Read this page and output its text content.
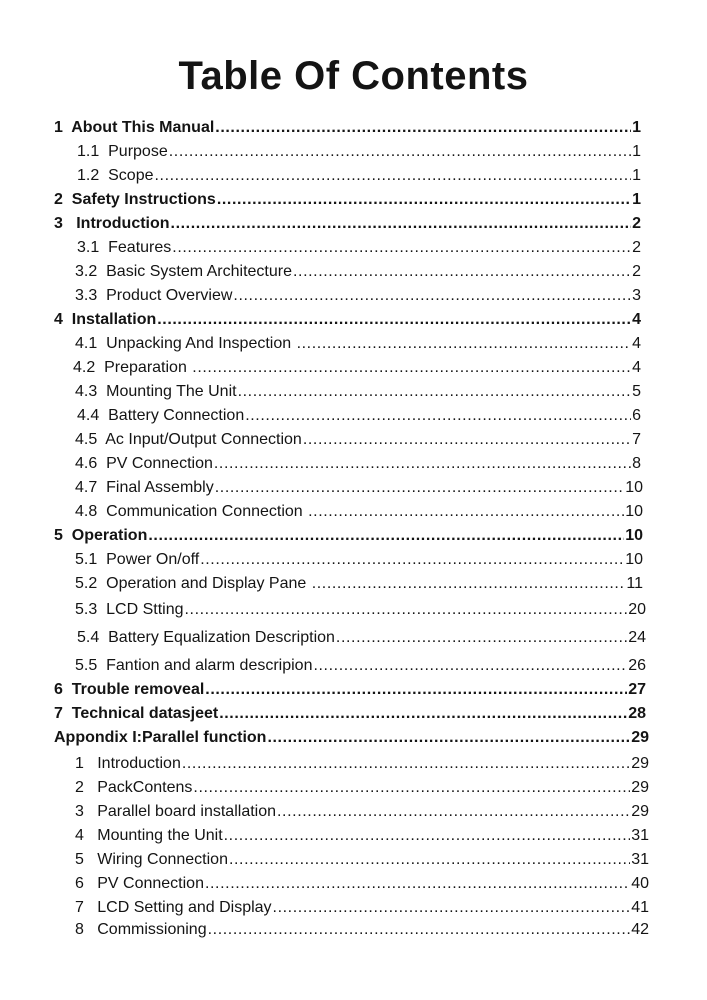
Table Of Contents
1  About This Manual .....	1
1.1  Purpose .....	1
1.2  Scope .....	1
2  Safety Instructions .....	1
3   Introduction .....	2
3.1  Features .....	2
3.2  Basic System Architecture .....	2
3.3  Product Overview .....	3
4  Installation .....	4
4.1  Unpacking And Inspection .....	4
4.2  Preparation .....	4
4.3  Mounting The Unit .....	5
4.4  Battery Connection .....	6
4.5  Ac Input/Output Connection .....	7
4.6  PV Connection .....	8
4.7  Final Assembly .....	10
4.8  Communication Connection .....	10
5  Operation .....	10
5.1  Power On/off .....	10
5.2  Operation and Display Pane .....	11
5.3  LCD Stting .....	20
5.4  Battery Equalization Description .....	24
5.5  Fantion and alarm descripion .....	26
6  Trouble removeal .....	27
7  Technical datasjeet .....	28
Appondix I:Parallel function .....	29
1   Introduction .....	29
2   PackContens .....	29
3   Parallel board installation .....	29
4   Mounting the Unit .....	31
5   Wiring Connection .....	31
6   PV Connection .....	40
7   LCD Setting and Display .....	41
8   Commissioning .....	42
